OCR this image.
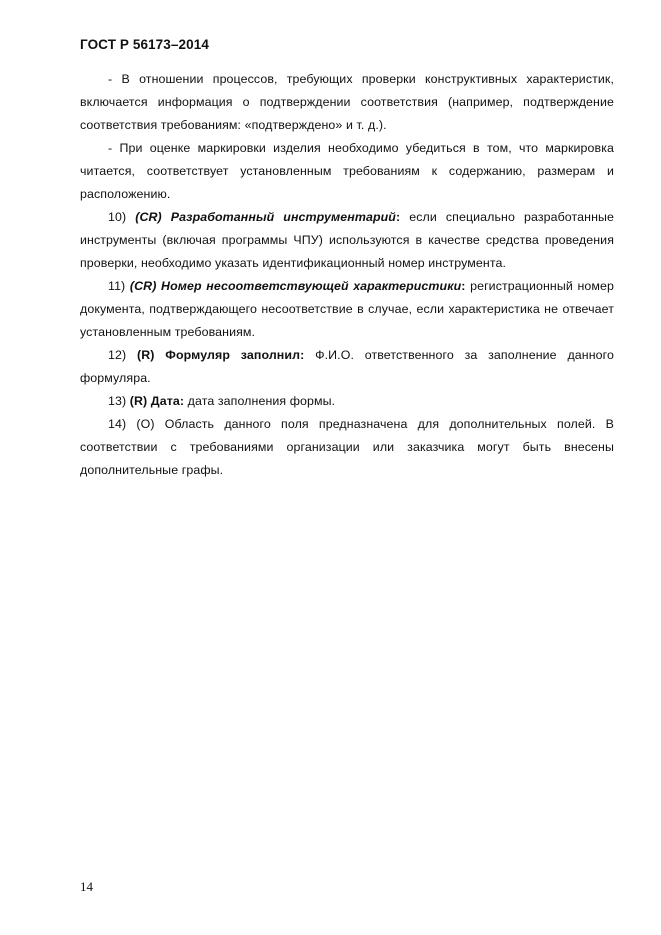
ГОСТ Р 56173–2014

- В отношении процессов, требующих проверки конструктивных характеристик, включается информация о подтверждении соответствия (например, подтверждение соответствия требованиям: «подтверждено» и т. д.).

- При оценке маркировки изделия необходимо убедиться в том, что маркировка читается, соответствует установленным требованиям к содержанию, размерам и расположению.

10) (CR) Разработанный инструментарий: если специально разработанные инструменты (включая программы ЧПУ) используются в качестве средства проведения проверки, необходимо указать идентификационный номер инструмента.

11) (CR) Номер несоответствующей характеристики: регистрационный номер документа, подтверждающего несоответствие в случае, если характеристика не отвечает установленным требованиям.

12) (R) Формуляр заполнил: Ф.И.О. ответственного за заполнение данного формуляра.

13) (R) Дата: дата заполнения формы.

14) (О) Область данного поля предназначена для дополнительных полей. В соответствии с требованиями организации или заказчика могут быть внесены дополнительные графы.

14
